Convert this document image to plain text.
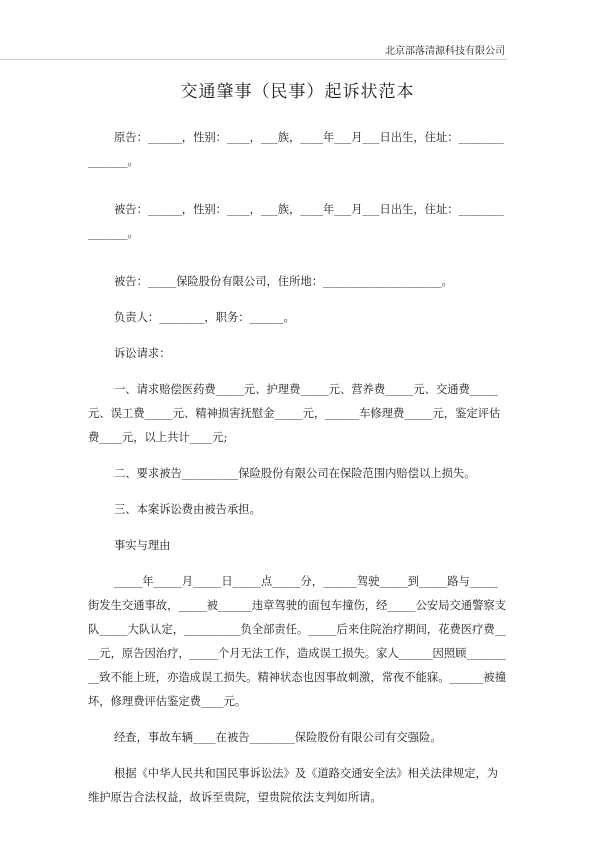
北京部落清源科技有限公司
交通肇事（民事）起诉状范本

原告：______，性别：____，___族，____年___月___日出生，住址：_______________。

被告：______，性别：____，___族，____年___月___日出生，住址：_______________。

被告：_____保险股份有限公司，住所地：_____________________。

负责人：________，职务：______。

诉讼请求：

一、请求赔偿医药费_____元、护理费_____元、营养费_____元、交通费_____元、误工费_____元、精神损害抚慰金_____元，______车修理费_____元，鉴定评估费____元，以上共计____元;

二、要求被告__________保险股份有限公司在保险范围内赔偿以上损失。

三、本案诉讼费由被告承担。

事实与理由

_____年_____月_____日_____点_____分，______驾驶_____到_____路与_____街发生交通事故，_____被______违章驾驶的面包车撞伤，经_____公安局交通警察支队_____大队认定，__________负全部责任。_____后来住院治疗期间，花费医疗费____元，原告因治疗，_____个月无法工作，造成误工损失。家人______因照顾_________致不能上班，亦造成误工损失。精神状态也因事故刺激，常夜不能寐。______被撞坏，修理费评估鉴定费____元。

经查，事故车辆____在被告________保险股份有限公司有交强险。

根据《中华人民共和国民事诉讼法》及《道路交通安全法》相关法律规定，为维护原告合法权益，故诉至贵院，望贵院依法支判如所请。
